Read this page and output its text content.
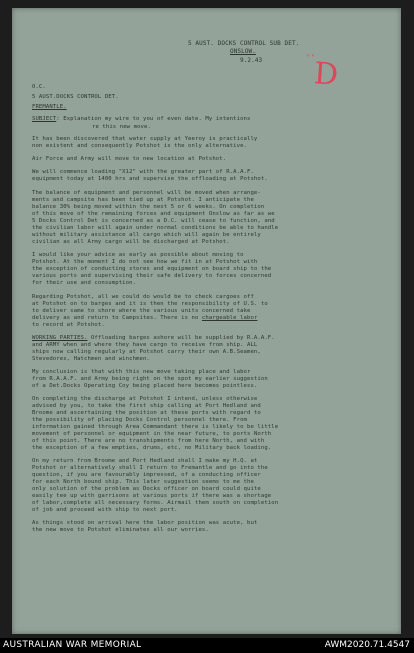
5 AUST. DOCKS CONTROL SUB DET.
ONSLOW.
9.2.43	" "
D
O.C.
5 AUST.DOCKS CONTROL DET.
FREMANTLE.
SUBJECT: Explanation my wire to you of even date. My intentions
re this new move.
It has been discovered that water supply at Yeeroy is practically
non existent and consequently Potshot is the only alternative.
Air Force and Army will move to new location at Potshot.
We will commence loading "X12" with the greater part of R.A.A.F.
equipment today at 1400 hrs and supervise the offloading at Potshot.
The balance of equipment and personnel will be moved when arrange-
ments and campsite has been tied up at Potshot. I anticipate the
balance 30% being moved within the next 5 or 6 weeks. On completion
of this move of the remaining forces and equipment Onslow as far as we
5 Docks Control Det is concerned as a D.C. will cease to function, and
the civilian labor will again under normal conditions be able to handle
without military assistance all cargo which will again be entirely
civilian as all Army cargo will be discharged at Potshot.
I would like your advice as early as possible about moving to
Potshot. At the moment I do not see how we fit in at Potshot with
the exception of conducting stores and equipment on board ship to the
various ports and supervising their safe delivery to forces concerned
for their use and consumption.
Regarding Potshot, all we could do would be to check cargoes off
at Potshot on to barges and it is then the responsibility of U.S. to
to deliver same to shore where the various units concerned take
delivery as and return to Campsites. There is no chargeable labor
to record at Potshot.
WORKING PARTIES. Offloading barges ashore will be supplied by R.A.A.F.
and ARMY when and where they have cargo to receive from ship. ALL
ships now calling regularly at Potshot carry their own A.B.Seamen,
Stevedores, Hatchmen and winchmen.
My conclusion is that with this new move taking place and labor
from R.A.A.F. and Army being right on the spot my earlier suggestion
of a Det.Docks Operating Coy being placed here becomes pointless.
On completing the discharge at Potshot I intend, unless otherwise
advised by you, to take the first ship calling at Port Hedland and
Broome and ascertaining the position at these ports with regard to
the possibility of placing Docks Control personnel there. From
information gained through Area Commandant there is likely to be little
movement of personnel or equipment in the near future, to ports North
of this point. There are no transhipments from here North, and with
the exception of a few empties, drums, etc, no Military back loading.
On my return from Broome and Port Hedland shall I make my H.Q. at
Potshot or alternatively shall I return to Fremantle and go into the
question, if you are favourably impressed, of a conducting officer
for each North bound ship. This later suggestion seems to me the
only solution of the problem as Docks officer on board could quite
easily tee up with garrisons at various ports if there was a shortage
of labor,complete all necessary forms. Airmail them south on completion
of job and proceed with ship to next port.
As things stood on arrival here the labor position was acute, but
the new move to Potshot eliminates all our worries.
AUSTRALIAN WAR MEMORIAL	AWM2020.71.4547
